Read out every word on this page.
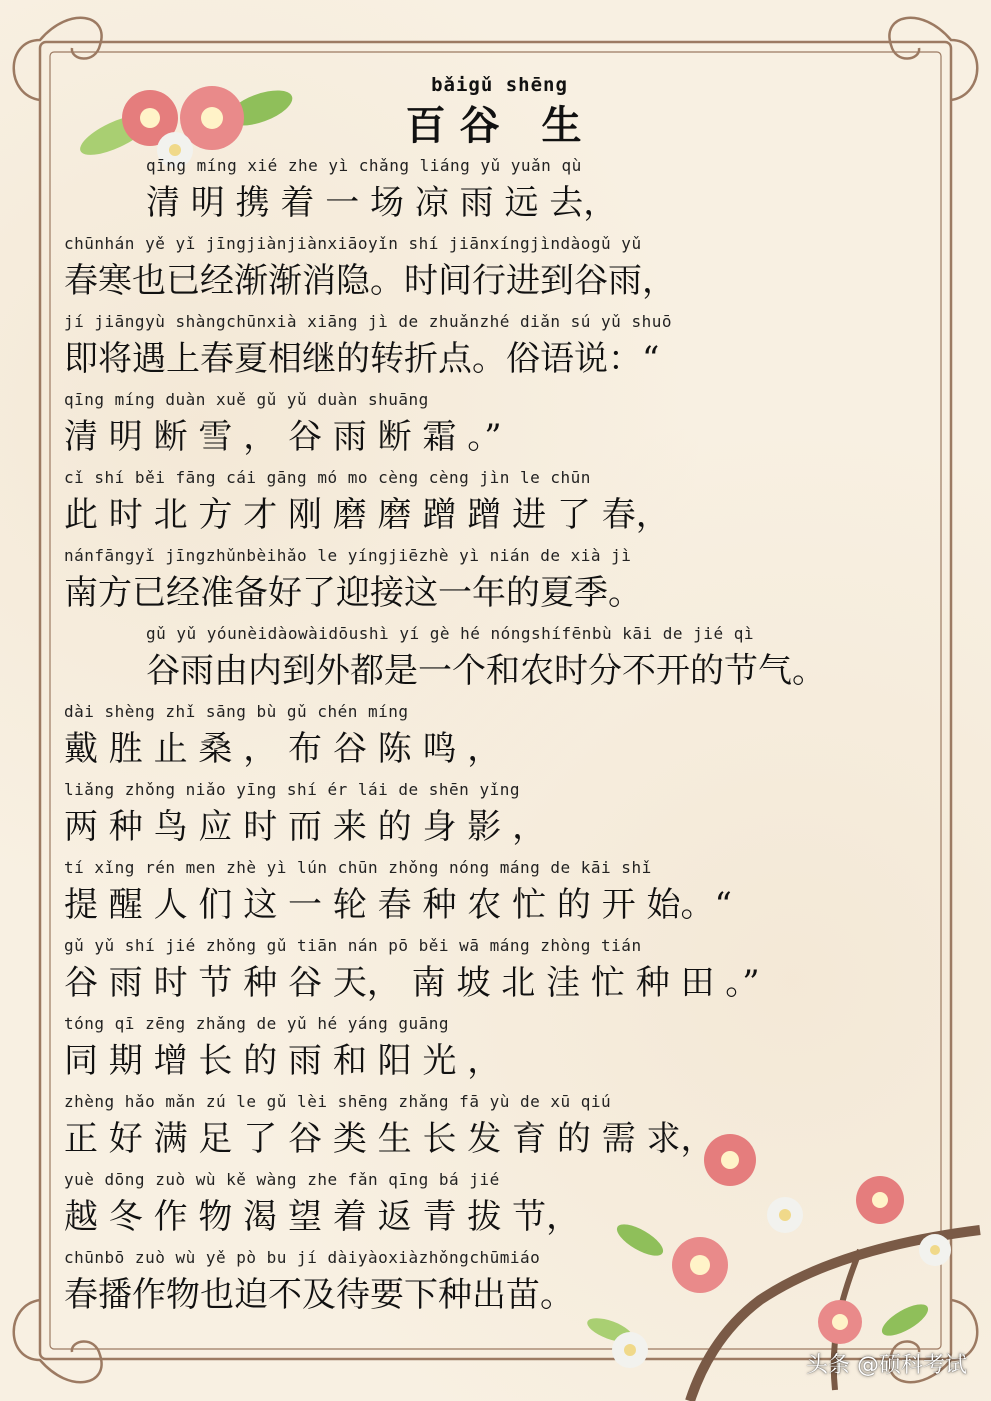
bǎigǔ shēng
百谷 生
qīng míng xié zhe yì chǎng liáng yǔ yuǎn qù
清 明 携 着 一 场 凉 雨 远 去，
chūnhán yě yǐ jīngjiànjiànxiāoyǐn shí jiānxíngjìndàogǔ yǔ
春寒也已经渐渐消隐。时间行进到谷雨，
jí jiāngyù shàngchūnxià xiāng jì de zhuǎnzhé diǎn sú yǔ shuō
即将遇上春夏相继的转折点。俗语说：“
qīng míng duàn xuě gǔ yǔ duàn shuāng
清 明 断 雪 ， 谷 雨 断 霜 。”
cǐ shí běi fāng cái gāng mó mo cèng cèng jìn le chūn
此 时 北 方 才 刚 磨 磨 蹭 蹭 进 了 春，
nánfāngyǐ jīngzhǔnbèihǎo le yíngjiēzhè yì nián de xià jì
南方已经准备好了迎接这一年的夏季。
gǔ yǔ yóunèidàowàidōushì yí gè hé nóngshífēnbù kāi de jié qì
谷雨由内到外都是一个和农时分不开的节气。
dài shèng zhǐ sāng bù gǔ chén míng
戴 胜 止 桑 ， 布 谷 陈 鸣 ，
liǎng zhǒng niǎo yīng shí ér lái de shēn yǐng
两 种 鸟 应 时 而 来 的 身 影 ，
tí xǐng rén men zhè yì lún chūn zhǒng nóng máng de kāi shǐ
提 醒 人 们 这 一 轮 春 种 农 忙 的 开 始。“
gǔ yǔ shí jié zhǒng gǔ tiān nán pō běi wā máng zhòng tián
谷 雨 时 节 种 谷 天， 南 坡 北 洼 忙 种 田 。”
tóng qī zēng zhǎng de yǔ hé yáng guāng
同 期 增 长 的 雨 和 阳 光 ，
zhèng hǎo mǎn zú le gǔ lèi shēng zhǎng fā yù de xū qiú
正 好 满 足 了 谷 类 生 长 发 育 的 需 求，
yuè dōng zuò wù kě wàng zhe fǎn qīng bá jié
越 冬 作 物 渴 望 着 返 青 拔 节，
chūnbō zuò wù yě pò bu jí dàiyàoxiàzhǒngchūmiáo
春播作物也迫不及待要下种出苗。
头条 @硕科考试
